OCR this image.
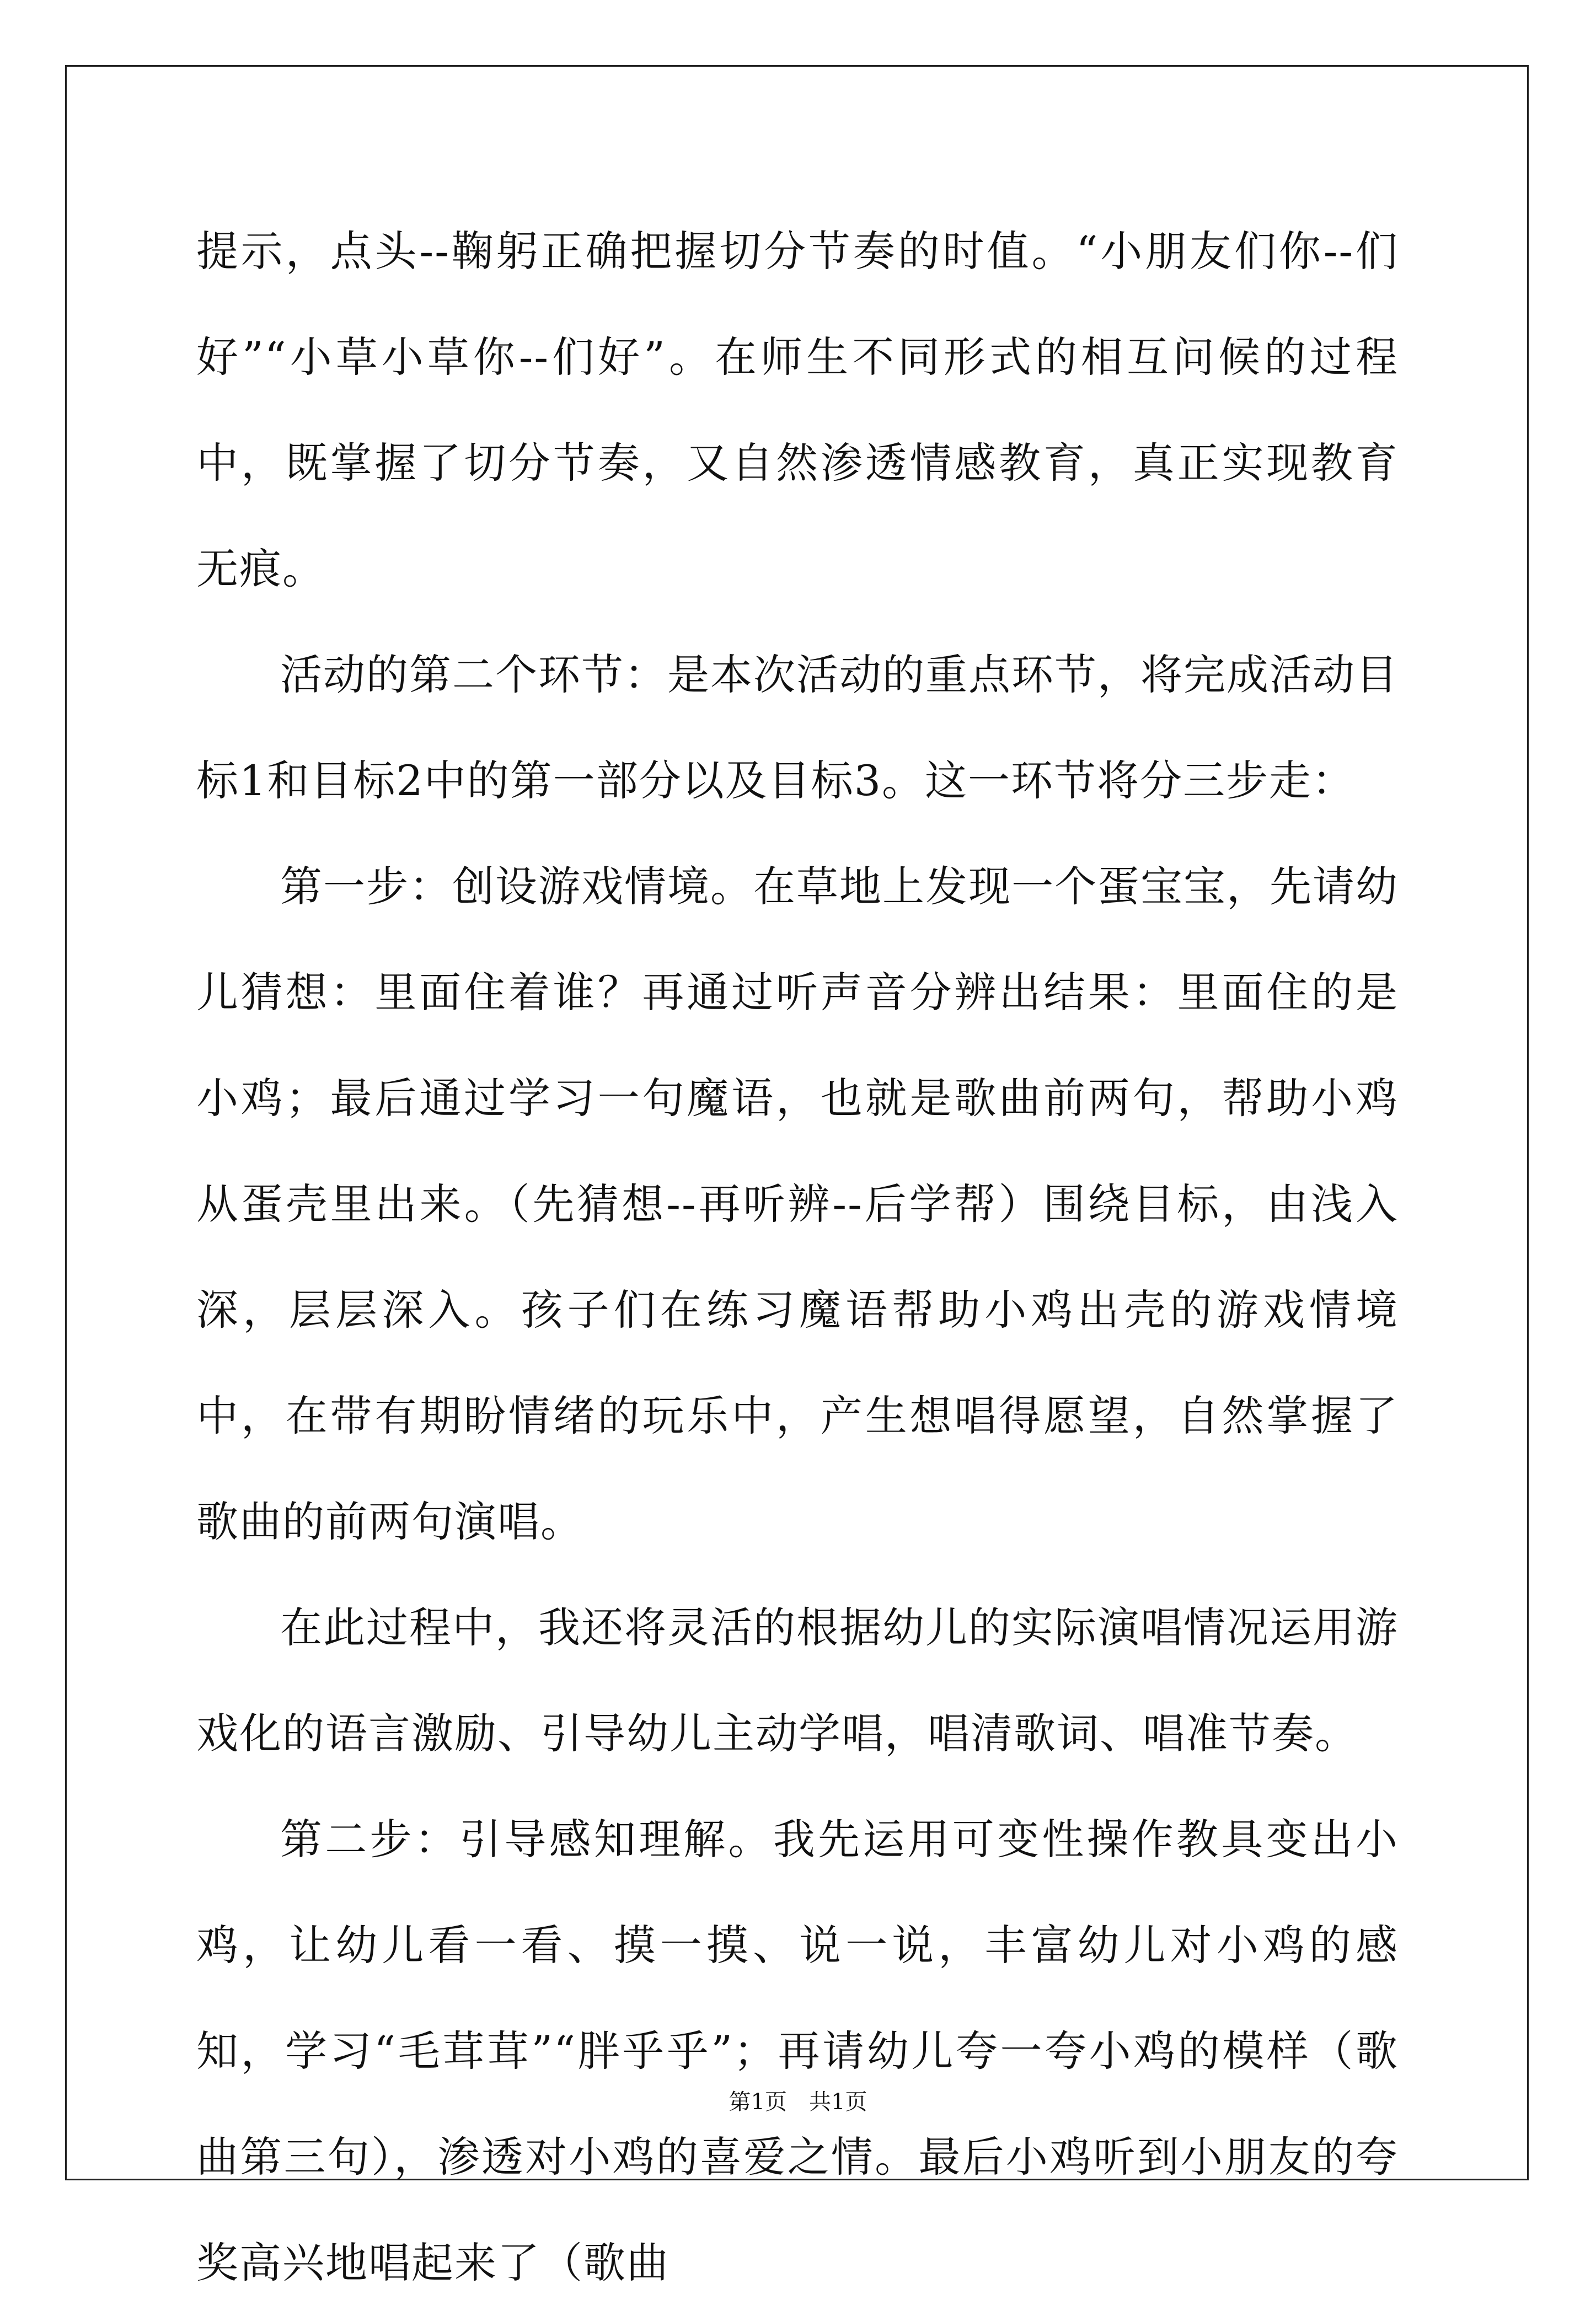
提示，点头--鞠躬正确把握切分节奏的时值。“小朋友们你--们好”“小草小草你--们好”。在师生不同形式的相互问候的过程中，既掌握了切分节奏，又自然渗透情感教育，真正实现教育无痕。

活动的第二个环节：是本次活动的重点环节，将完成活动目标1和目标2中的第一部分以及目标3。这一环节将分三步走：

第一步：创设游戏情境。在草地上发现一个蛋宝宝，先请幼儿猜想：里面住着谁？再通过听声音分辨出结果：里面住的是小鸡；最后通过学习一句魔语，也就是歌曲前两句，帮助小鸡从蛋壳里出来。（先猜想--再听辨--后学帮）围绕目标，由浅入深，层层深入。孩子们在练习魔语帮助小鸡出壳的游戏情境中，在带有期盼情绪的玩乐中，产生想唱得愿望，自然掌握了歌曲的前两句演唱。

在此过程中，我还将灵活的根据幼儿的实际演唱情况运用游戏化的语言激励、引导幼儿主动学唱，唱清歌词、唱准节奏。

第二步：引导感知理解。我先运用可变性操作教具变出小鸡，让幼儿看一看、摸一摸、说一说，丰富幼儿对小鸡的感知，学习“毛茸茸”“胖乎乎”；再请幼儿夸一夸小鸡的模样（歌曲第三句），渗透对小鸡的喜爱之情。最后小鸡听到小朋友的夸奖高兴地唱起来了（歌曲

第1页 共1页
